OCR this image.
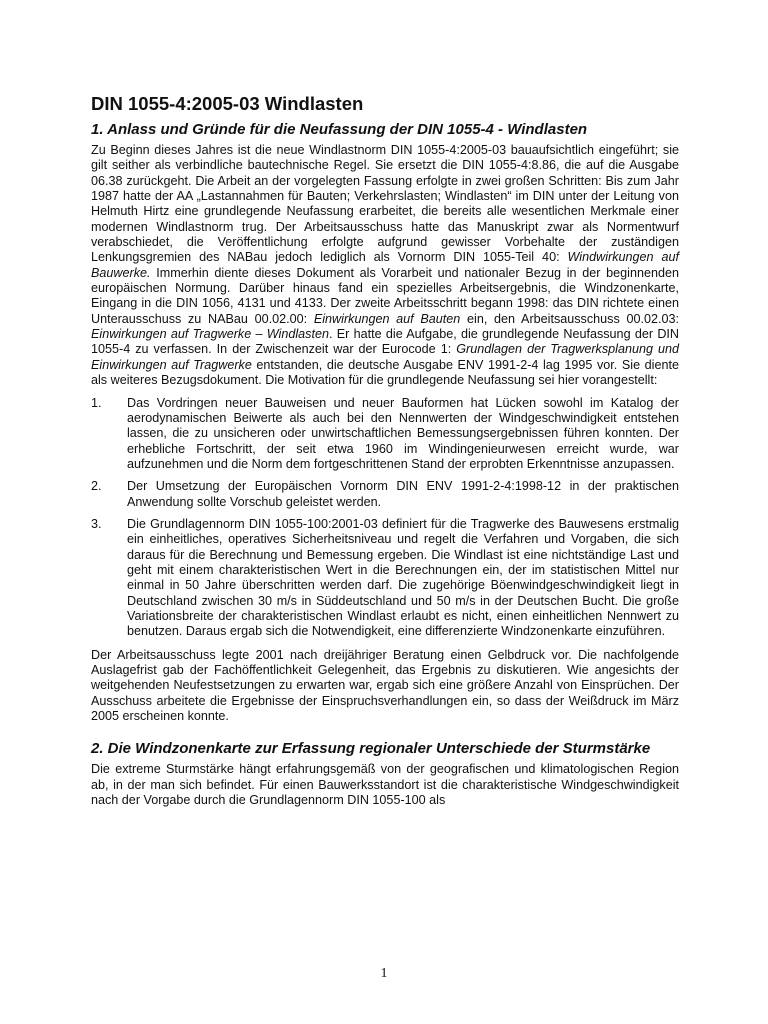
DIN 1055-4:2005-03 Windlasten
1. Anlass und Gründe für die Neufassung der DIN 1055-4 - Windlasten

Zu Beginn dieses Jahres ist die neue Windlastnorm DIN 1055-4:2005-03 bauaufsichtlich eingeführt; sie gilt seither als verbindliche bautechnische Regel. Sie ersetzt die DIN 1055-4:8.86, die auf die Ausgabe 06.38 zurückgeht. Die Arbeit an der vorgelegten Fassung erfolgte in zwei großen Schritten: Bis zum Jahr 1987 hatte der AA „Lastannahmen für Bauten; Verkehrslasten; Windlasten“ im DIN unter der Leitung von Helmuth Hirtz eine grundlegende Neufassung erarbeitet, die bereits alle wesentlichen Merkmale einer modernen Windlastnorm trug. Der Arbeitsausschuss hatte das Manuskript zwar als Normentwurf verabschiedet, die Veröffentlichung erfolgte aufgrund gewisser Vorbehalte der zuständigen Lenkungsgremien des NABau jedoch lediglich als Vornorm DIN 1055-Teil 40: Windwirkungen auf Bauwerke. Immerhin diente dieses Dokument als Vorarbeit und nationaler Bezug in der beginnenden europäischen Normung. Darüber hinaus fand ein spezielles Arbeitsergebnis, die Windzonenkarte, Eingang in die DIN 1056, 4131 und 4133. Der zweite Arbeitsschritt begann 1998: das DIN richtete einen Unterausschuss zu NABau 00.02.00: Einwirkungen auf Bauten ein, den Arbeitsausschuss 00.02.03: Einwirkungen auf Tragwerke – Windlasten. Er hatte die Aufgabe, die grundlegende Neufassung der DIN 1055-4 zu verfassen. In der Zwischenzeit war der Eurocode 1: Grundlagen der Tragwerksplanung und Einwirkungen auf Tragwerke entstanden, die deutsche Ausgabe ENV 1991-2-4 lag 1995 vor. Sie diente als weiteres Bezugsdokument. Die Motivation für die grundlegende Neufassung sei hier vorangestellt:

1.	Das Vordringen neuer Bauweisen und neuer Bauformen hat Lücken sowohl im Katalog der aerodynamischen Beiwerte als auch bei den Nennwerten der Windgeschwindigkeit entstehen lassen, die zu unsicheren oder unwirtschaftlichen Bemessungsergebnissen führen konnten. Der erhebliche Fortschritt, der seit etwa 1960 im Windingenieurwesen erreicht wurde, war aufzunehmen und die Norm dem fortgeschrittenen Stand der erprobten Erkenntnisse anzupassen.
2.	Der Umsetzung der Europäischen Vornorm DIN ENV 1991-2-4:1998-12 in der praktischen Anwendung sollte Vorschub geleistet werden.
3.	Die Grundlagennorm DIN 1055-100:2001-03 definiert für die Tragwerke des Bauwesens erstmalig ein einheitliches, operatives Sicherheitsniveau und regelt die Verfahren und Vorgaben, die sich daraus für die Berechnung und Bemessung ergeben. Die Windlast ist eine nichtständige Last und geht mit einem charakteristischen Wert in die Berechnungen ein, der im statistischen Mittel nur einmal in 50 Jahre überschritten werden darf. Die zugehörige Böenwindgeschwindigkeit liegt in Deutschland zwischen 30 m/s in Süddeutschland und 50 m/s in der Deutschen Bucht. Die große Variationsbreite der charakteristischen Windlast erlaubt es nicht, einen einheitlichen Nennwert zu benutzen. Daraus ergab sich die Notwendigkeit, eine differenzierte Windzonenkarte einzuführen.

Der Arbeitsausschuss legte 2001 nach dreijähriger Beratung einen Gelbdruck vor. Die nachfolgende Auslagefrist gab der Fachöffentlichkeit Gelegenheit, das Ergebnis zu diskutieren. Wie angesichts der weitgehenden Neufestsetzungen zu erwarten war, ergab sich eine größere Anzahl von Einsprüchen. Der Ausschuss arbeitete die Ergebnisse der Einspruchsverhandlungen ein, so dass der Weißdruck im März 2005 erscheinen konnte.

2. Die Windzonenkarte zur Erfassung regionaler Unterschiede der Sturmstärke

Die extreme Sturmstärke hängt erfahrungsgemäß von der geografischen und klimatologischen Region ab, in der man sich befindet. Für einen Bauwerksstandort ist die charakteristische Windgeschwindigkeit nach der Vorgabe durch die Grundlagennorm DIN 1055-100 als

1
